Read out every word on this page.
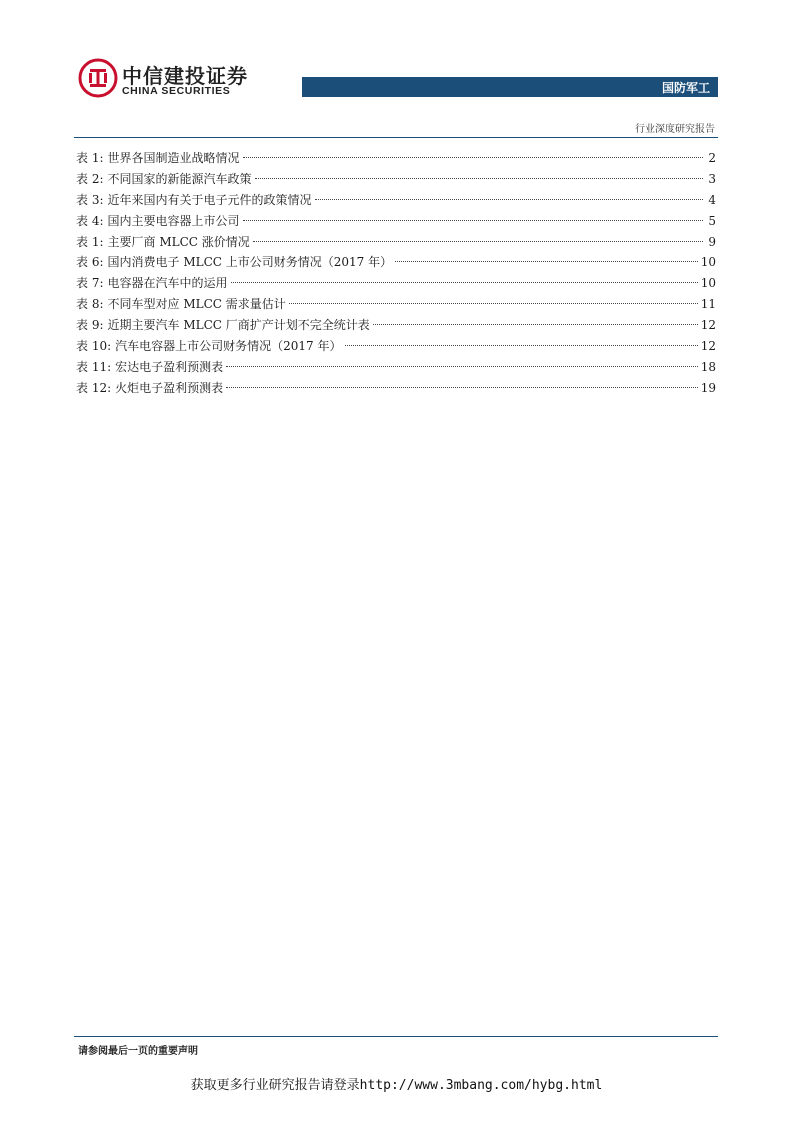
中信建投证券
CHINA SECURITIES	国防军工
行业深度研究报告
表 1: 世界各国制造业战略情况	2
表 2: 不同国家的新能源汽车政策	3
表 3: 近年来国内有关于电子元件的政策情况	4
表 4: 国内主要电容器上市公司	5
表 1: 主要厂商 MLCC 涨价情况	9
表 6: 国内消费电子 MLCC 上市公司财务情况（2017 年）	10
表 7: 电容器在汽车中的运用	10
表 8: 不同车型对应 MLCC 需求量估计	11
表 9: 近期主要汽车 MLCC 厂商扩产计划不完全统计表	12
表 10: 汽车电容器上市公司财务情况（2017 年）	12
表 11: 宏达电子盈利预测表	18
表 12: 火炬电子盈利预测表	19
请参阅最后一页的重要声明
获取更多行业研究报告请登录http://www.3mbang.com/hybg.html
